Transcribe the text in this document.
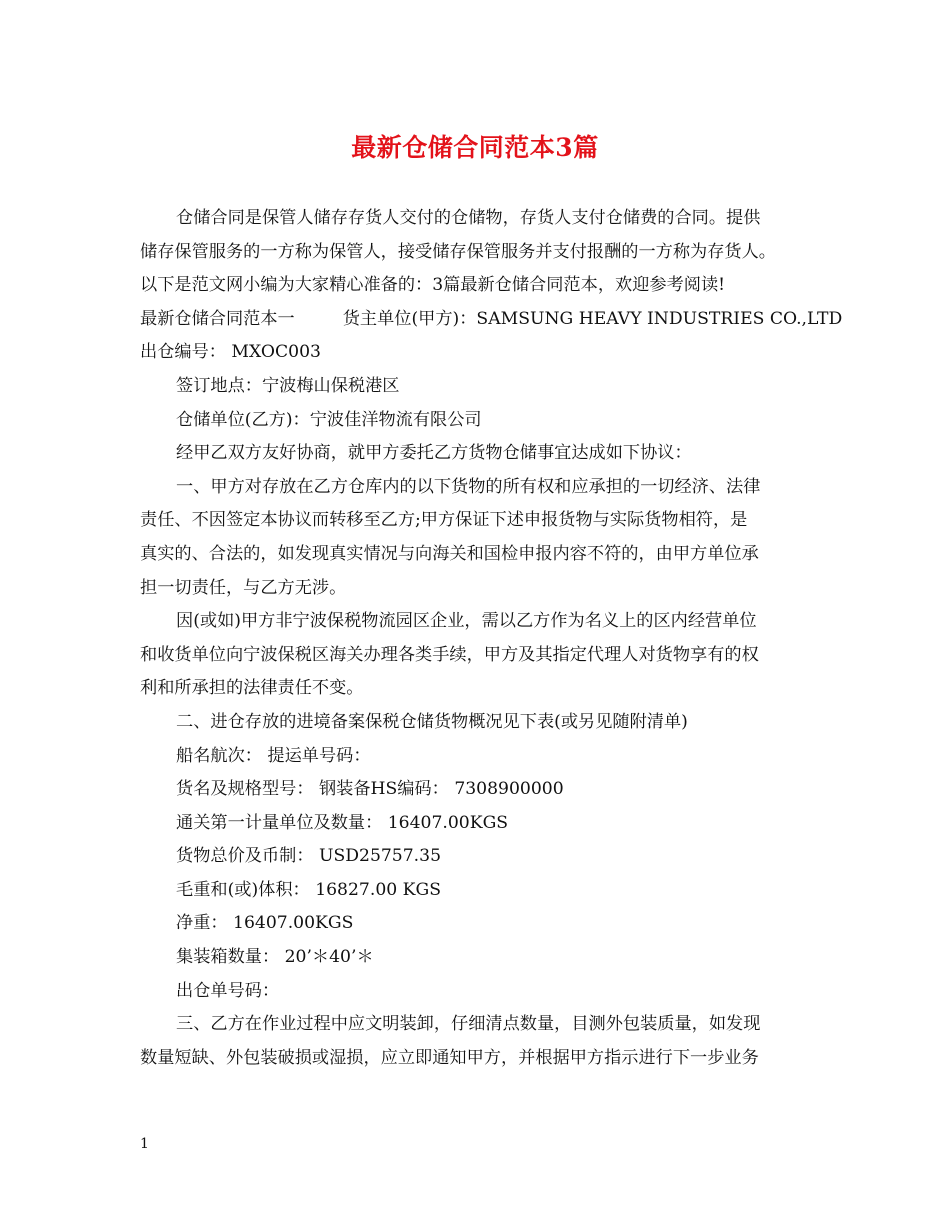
最新仓储合同范本3篇
仓储合同是保管人储存存货人交付的仓储物，存货人支付仓储费的合同。提供
储存保管服务的一方称为保管人，接受储存保管服务并支付报酬的一方称为存货人。
以下是范文网小编为大家精心准备的：3篇最新仓储合同范本，欢迎参考阅读!
最新仓储合同范本一	货主单位(甲方)：SAMSUNG HEAVY INDUSTRIES CO.,LTD
出仓编号： MXOC003
签订地点：宁波梅山保税港区
仓储单位(乙方)：宁波佳洋物流有限公司
经甲乙双方友好协商，就甲方委托乙方货物仓储事宜达成如下协议：
一、甲方对存放在乙方仓库内的以下货物的所有权和应承担的一切经济、法律
责任、不因签定本协议而转移至乙方;甲方保证下述申报货物与实际货物相符，是
真实的、合法的，如发现真实情况与向海关和国检申报内容不符的，由甲方单位承
担一切责任，与乙方无涉。
因(或如)甲方非宁波保税物流园区企业，需以乙方作为名义上的区内经营单位
和收货单位向宁波保税区海关办理各类手续，甲方及其指定代理人对货物享有的权
利和所承担的法律责任不变。
二、进仓存放的进境备案保税仓储货物概况见下表(或另见随附清单)
船名航次： 提运单号码：
货名及规格型号： 钢装备HS编码： 7308900000
通关第一计量单位及数量： 16407.00KGS
货物总价及币制： USD25757.35
毛重和(或)体积： 16827.00 KGS
净重： 16407.00KGS
集装箱数量： 20’＊40’＊
出仓单号码：
三、乙方在作业过程中应文明装卸，仔细清点数量，目测外包装质量，如发现
数量短缺、外包装破损或湿损，应立即通知甲方，并根据甲方指示进行下一步业务
1
